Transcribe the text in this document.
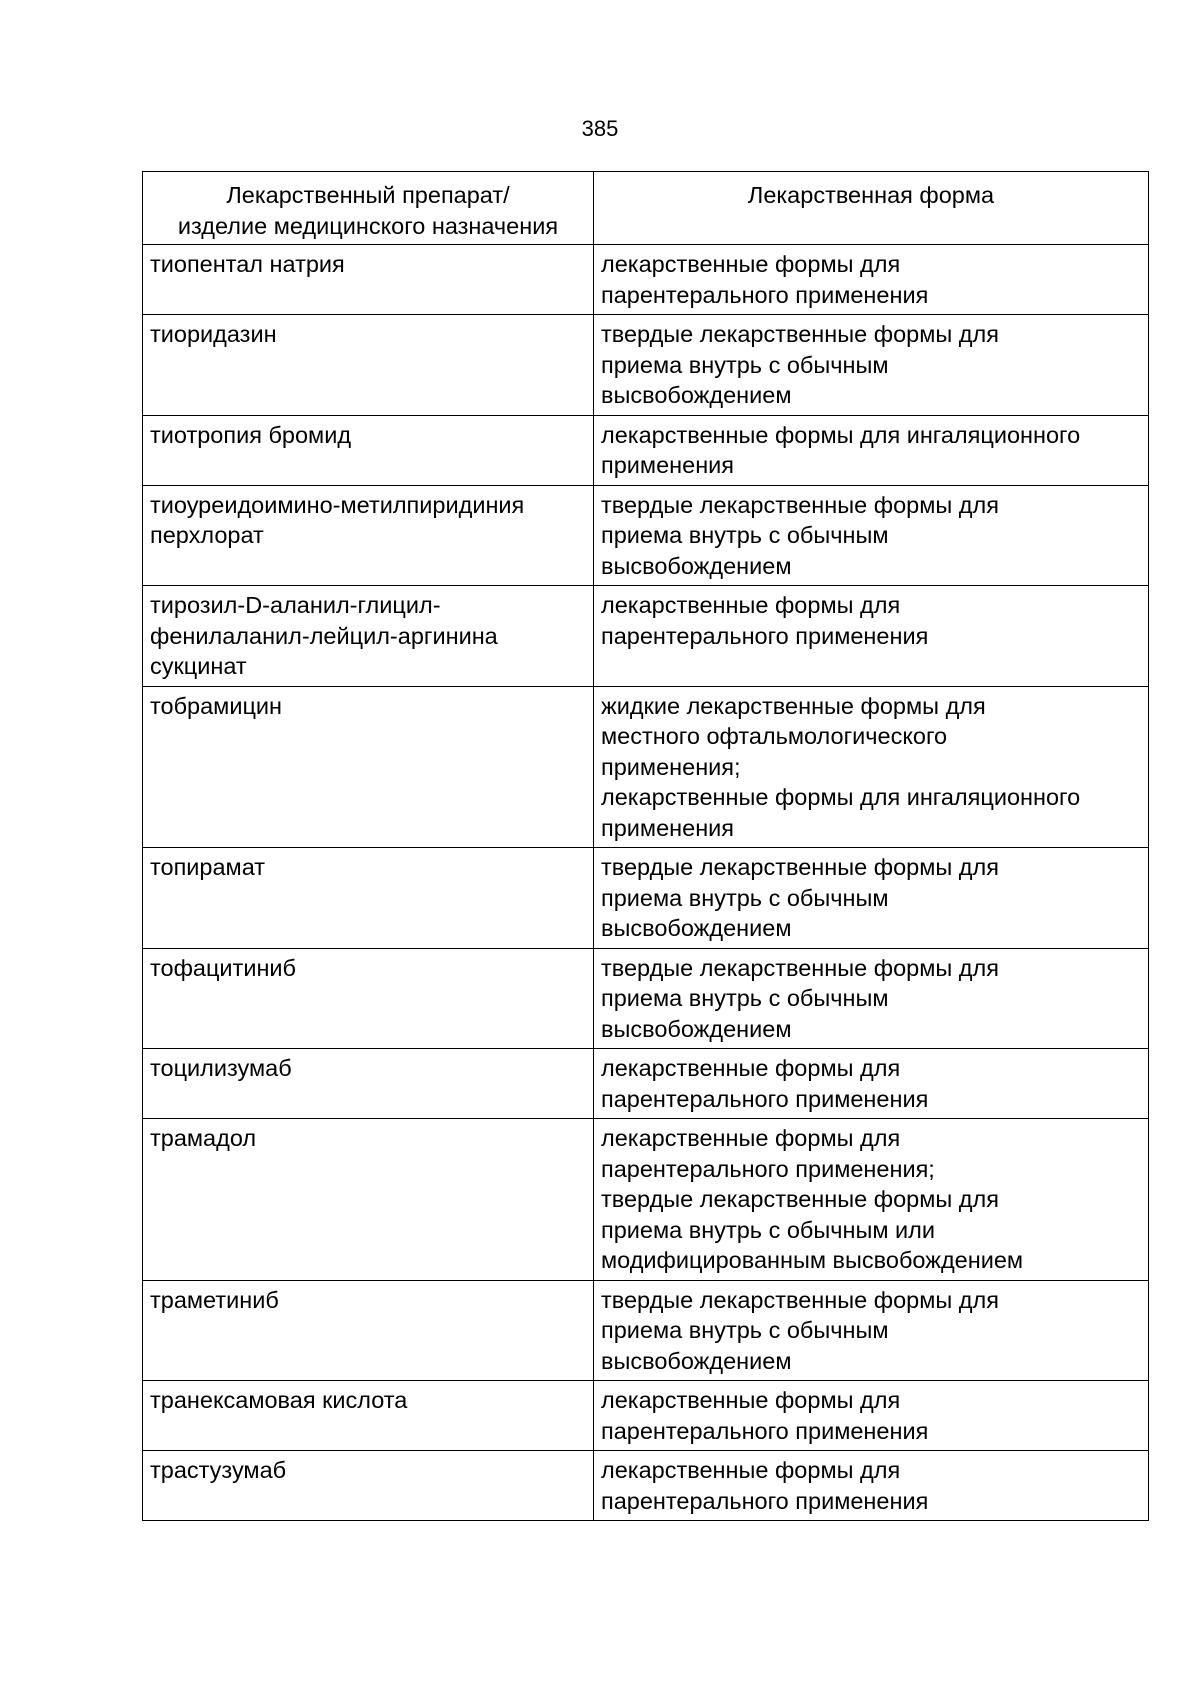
385
Лекарственный препарат/
изделие медицинского назначения	Лекарственная форма

тиопентал натрия	лекарственные формы для
парентерального применения

тиоридазин	твердые лекарственные формы для
приема внутрь с обычным
высвобождением

тиотропия бромид	лекарственные формы для ингаляционного
применения

тиоуреидоимино-метилпиридиния
перхлорат	твердые лекарственные формы для
приема внутрь с обычным
высвобождением

тирозил-D-аланил-глицил-
фенилаланил-лейцил-аргинина
сукцинат	лекарственные формы для
парентерального применения

тобрамицин	жидкие лекарственные формы для
местного офтальмологического
применения;
лекарственные формы для ингаляционного
применения

топирамат	твердые лекарственные формы для
приема внутрь с обычным
высвобождением

тофацитиниб	твердые лекарственные формы для
приема внутрь с обычным
высвобождением

тоцилизумаб	лекарственные формы для
парентерального применения

трамадол	лекарственные формы для
парентерального применения;
твердые лекарственные формы для
приема внутрь с обычным или
модифицированным высвобождением

траметиниб	твердые лекарственные формы для
приема внутрь с обычным
высвобождением

транексамовая кислота	лекарственные формы для
парентерального применения

трастузумаб	лекарственные формы для
парентерального применения
